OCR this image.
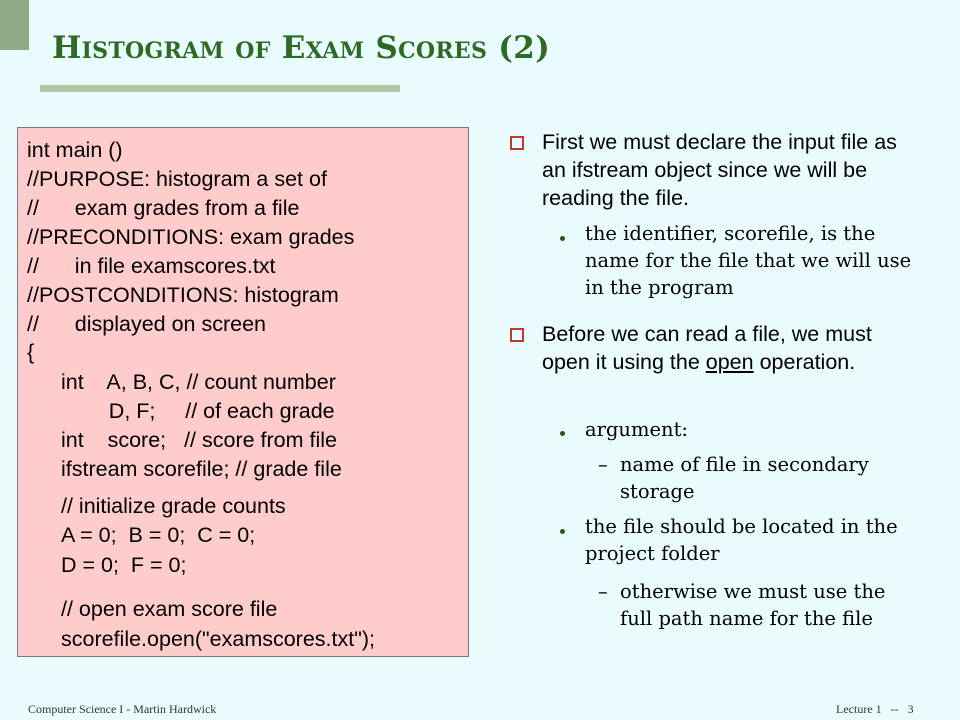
Histogram of Exam Scores (2)
int main ()
//PURPOSE: histogram a set of
//      exam grades from a file
//PRECONDITIONS: exam grades
//      in file examscores.txt
//POSTCONDITIONS: histogram
//      displayed on screen
{
int    A, B, C, // count number
D, F;     // of each grade
int    score;   // score from file
ifstream scorefile; // grade file
// initialize grade counts
A = 0;  B = 0;  C = 0;
D = 0;  F = 0;
// open exam score file
scorefile.open("examscores.txt");
First we must declare the input file as an ifstream object since we will be reading the file.
the identifier, scorefile, is the name for the file that we will use in the program
Before we can read a file, we must open it using the open operation.
argument:
– name of file in secondary storage
the file should be located in the project folder
– otherwise we must use the full path name for the file
Computer Science I - Martin Hardwick	Lecture 1   --   3
